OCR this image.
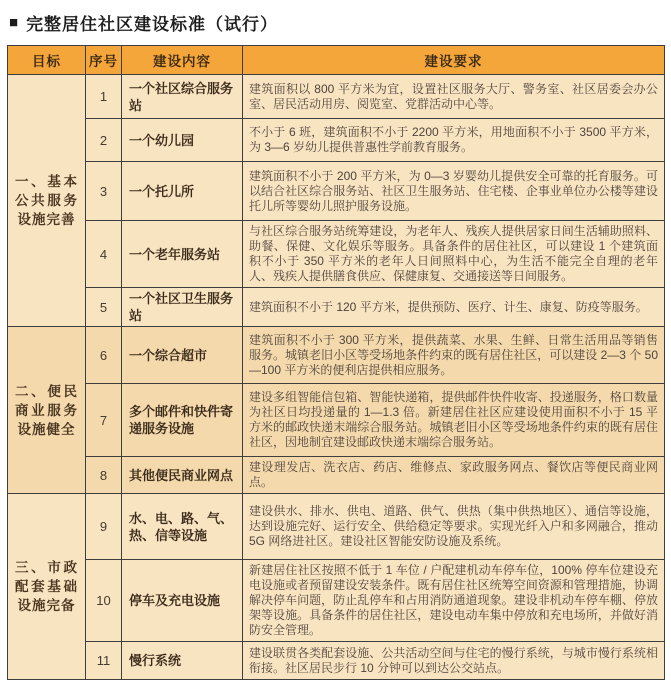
■ 完整居住社区建设标准（试行）
目标	序号	建设内容	建设要求
一、基本公共服务设施完善	1	一个社区综合服务站	建筑面积以 800 平方米为宜，设置社区服务大厅、警务室、社区居委会办公室、居民活动用房、阅览室、党群活动中心等。
	2	一个幼儿园	不小于 6 班，建筑面积不小于 2200 平方米，用地面积不小于 3500 平方米，为 3—6 岁幼儿提供普惠性学前教育服务。
	3	一个托儿所	建筑面积不小于 200 平方米，为 0—3 岁婴幼儿提供安全可靠的托育服务。可以结合社区综合服务站、社区卫生服务站、住宅楼、企事业单位办公楼等建设托儿所等婴幼儿照护服务设施。
	4	一个老年服务站	与社区综合服务站统筹建设，为老年人、残疾人提供居家日间生活辅助照料、助餐、保健、文化娱乐等服务。具备条件的居住社区，可以建设 1 个建筑面积不小于 350 平方米的老年人日间照料中心，为生活不能完全自理的老年人、残疾人提供膳食供应、保健康复、交通接送等日间服务。
	5	一个社区卫生服务站	建筑面积不小于 120 平方米，提供预防、医疗、计生、康复、防疫等服务。
二、便民商业服务设施健全	6	一个综合超市	建筑面积不小于 300 平方米，提供蔬菜、水果、生鲜、日常生活用品等销售服务。城镇老旧小区等受场地条件约束的既有居住社区，可以建设 2—3 个 50—100 平方米的便利店提供相应服务。
	7	多个邮件和快件寄递服务设施	建设多组智能信包箱、智能快递箱，提供邮件快件收寄、投递服务，格口数量为社区日均投递量的 1—1.3 倍。新建居住社区应建设使用面积不小于 15 平方米的邮政快递末端综合服务站。城镇老旧小区等受场地条件约束的既有居住社区，因地制宜建设邮政快递末端综合服务站。
	8	其他便民商业网点	建设理发店、洗衣店、药店、维修点、家政服务网点、餐饮店等便民商业网点。
三、市政配套基础设施完备	9	水、电、路、气、热、信等设施	建设供水、排水、供电、道路、供气、供热（集中供热地区）、通信等设施，达到设施完好、运行安全、供给稳定等要求。实现光纤入户和多网融合，推动 5G 网络进社区。建设社区智能安防设施及系统。
	10	停车及充电设施	新建居住社区按照不低于 1 车位 / 户配建机动车停车位，100% 停车位建设充电设施或者预留建设安装条件。既有居住社区统筹空间资源和管理措施，协调解决停车问题，防止乱停车和占用消防通道现象。建设非机动车停车棚、停放架等设施。具备条件的居住社区，建设电动车集中停放和充电场所，并做好消防安全管理。
	11	慢行系统	建设联贯各类配套设施、公共活动空间与住宅的慢行系统，与城市慢行系统相衔接。社区居民步行 10 分钟可以到达公交站点。
